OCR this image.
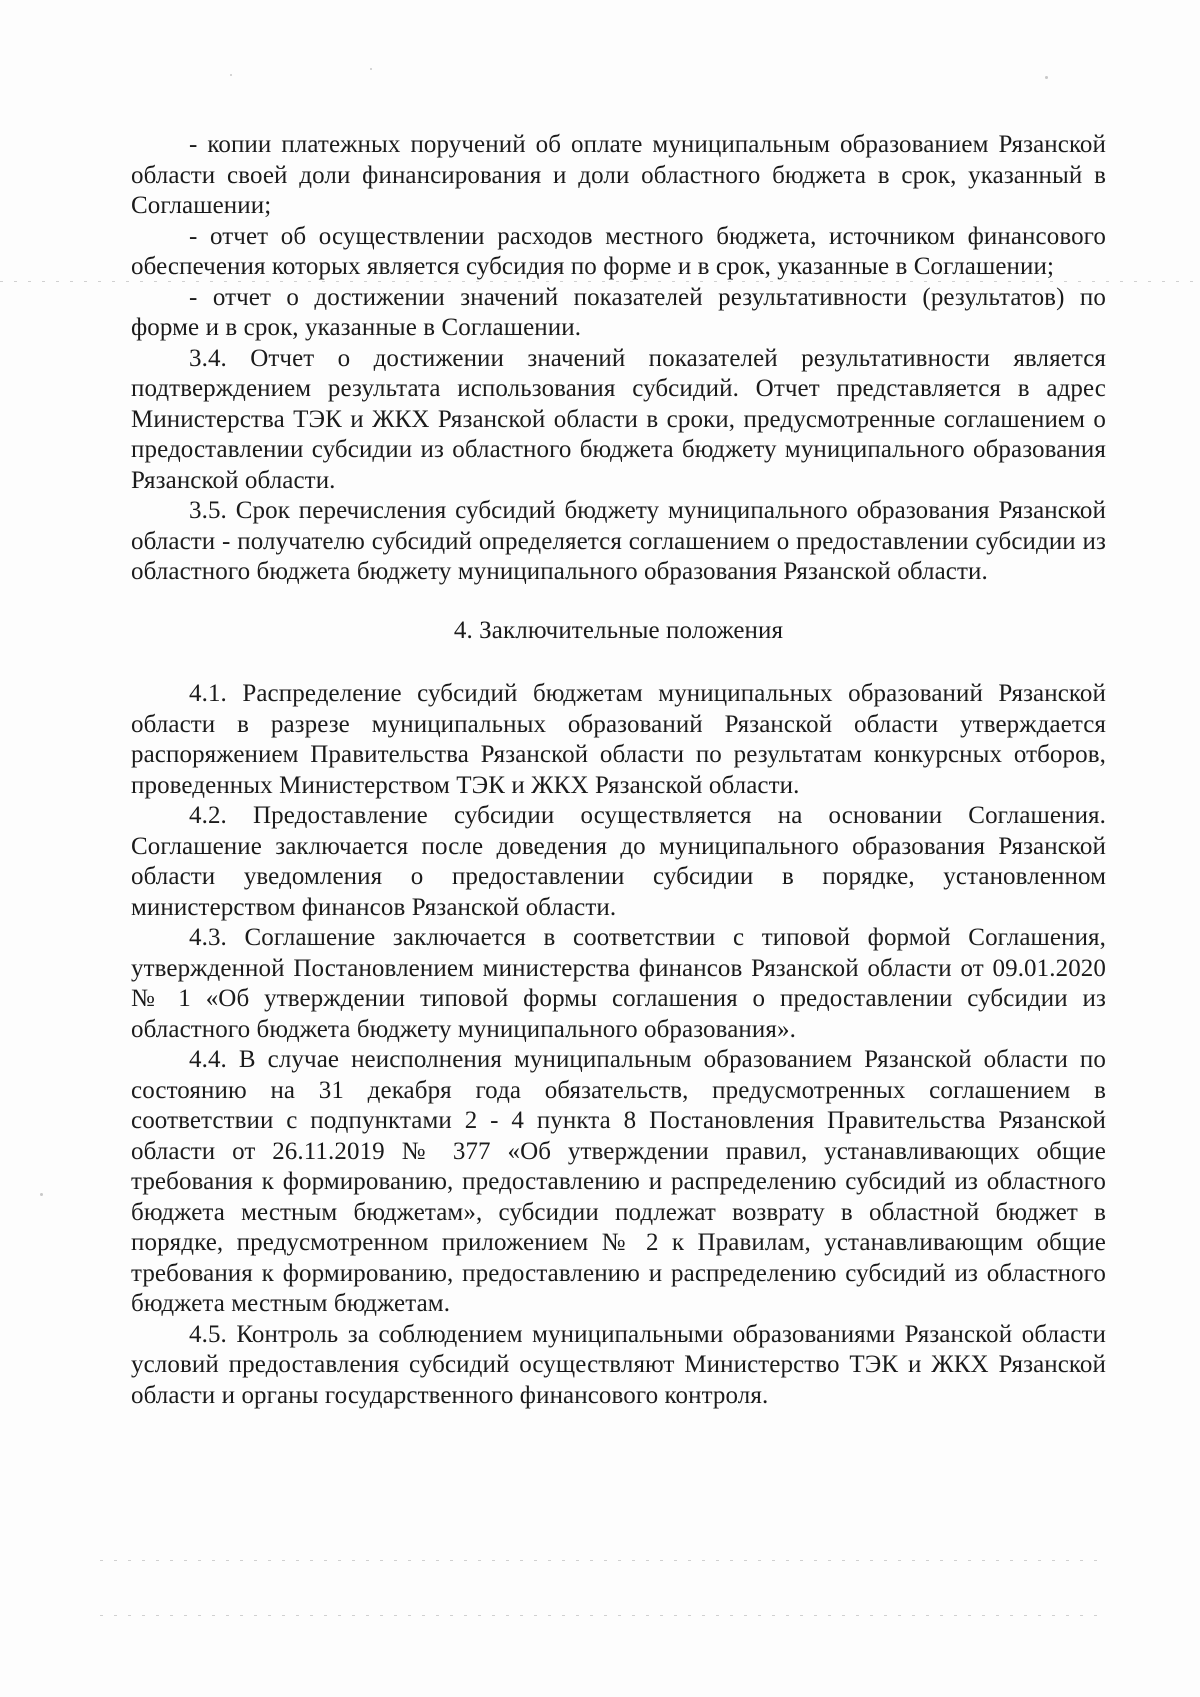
- копии платежных поручений об оплате муниципальным образованием Рязанской области своей доли финансирования и доли областного бюджета в срок, указанный в Соглашении;

- отчет об осуществлении расходов местного бюджета, источником финансового обеспечения которых является субсидия по форме и в срок, указанные в Соглашении;

- отчет о достижении значений показателей результативности (результатов) по форме и в срок, указанные в Соглашении.

3.4. Отчет о достижении значений показателей результативности является подтверждением результата использования субсидий. Отчет представляется в адрес Министерства ТЭК и ЖКХ Рязанской области в сроки, предусмотренные соглашением о предоставлении субсидии из областного бюджета бюджету муниципального образования Рязанской области.

3.5. Срок перечисления субсидий бюджету муниципального образования Рязанской области - получателю субсидий определяется соглашением о предоставлении субсидии из областного бюджета бюджету муниципального образования Рязанской области.

4. Заключительные положения

4.1. Распределение субсидий бюджетам муниципальных образований Рязанской области в разрезе муниципальных образований Рязанской области утверждается распоряжением Правительства Рязанской области по результатам конкурсных отборов, проведенных Министерством ТЭК и ЖКХ Рязанской области.

4.2. Предоставление субсидии осуществляется на основании Соглашения. Соглашение заключается после доведения до муниципального образования Рязанской области уведомления о предоставлении субсидии в порядке, установленном министерством финансов Рязанской области.

4.3. Соглашение заключается в соответствии с типовой формой Соглашения, утвержденной Постановлением министерства финансов Рязанской области от 09.01.2020 № 1 «Об утверждении типовой формы соглашения о предоставлении субсидии из областного бюджета бюджету муниципального образования».

4.4. В случае неисполнения муниципальным образованием Рязанской области по состоянию на 31 декабря года обязательств, предусмотренных соглашением в соответствии с подпунктами 2 - 4 пункта 8 Постановления Правительства Рязанской области от 26.11.2019 № 377 «Об утверждении правил, устанавливающих общие требования к формированию, предоставлению и распределению субсидий из областного бюджета местным бюджетам», субсидии подлежат возврату в областной бюджет в порядке, предусмотренном приложением № 2 к Правилам, устанавливающим общие требования к формированию, предоставлению и распределению субсидий из областного бюджета местным бюджетам.

4.5. Контроль за соблюдением муниципальными образованиями Рязанской области условий предоставления субсидий осуществляют Министерство ТЭК и ЖКХ Рязанской области и органы государственного финансового контроля.
